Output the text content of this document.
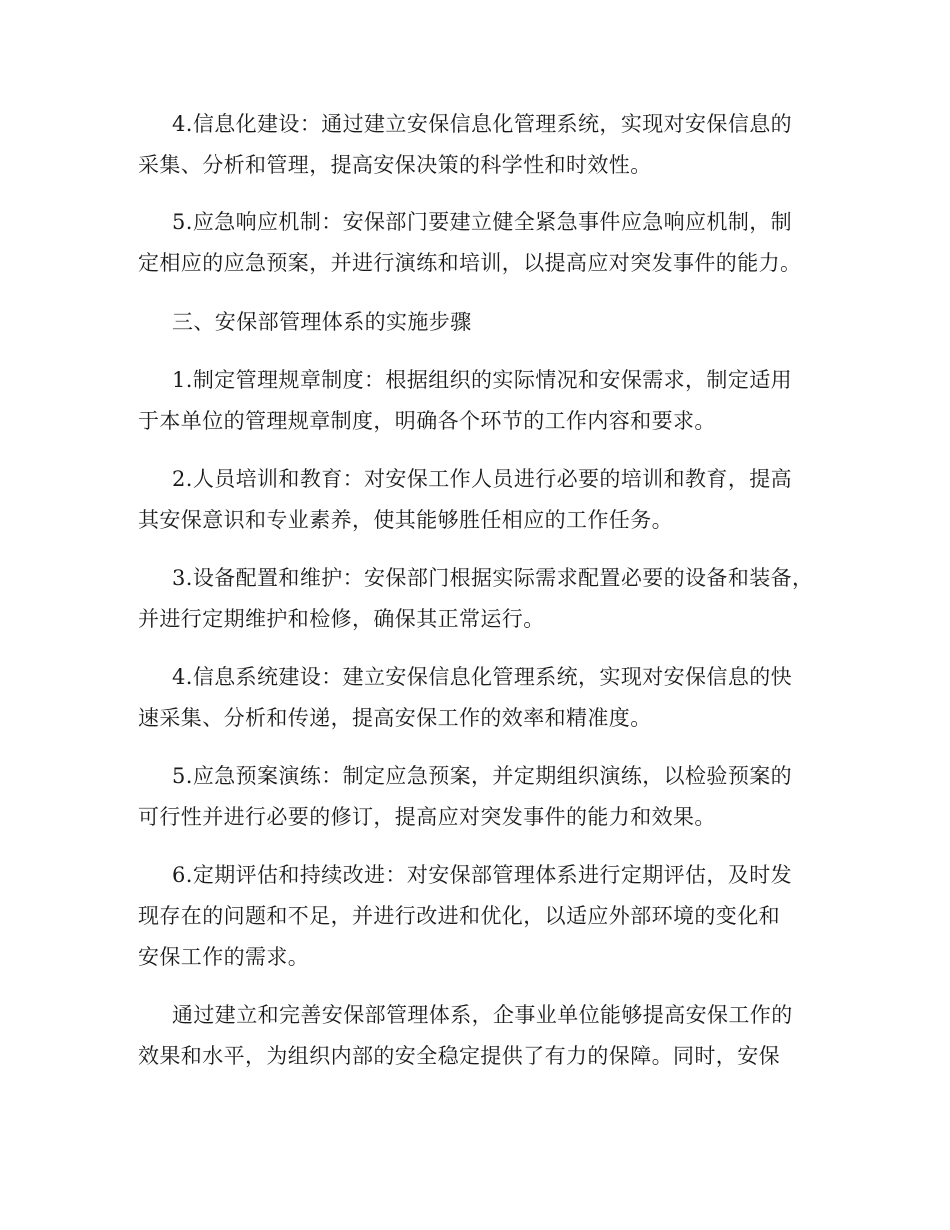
4.信息化建设：通过建立安保信息化管理系统，实现对安保信息的
采集、分析和管理，提高安保决策的科学性和时效性。
5.应急响应机制：安保部门要建立健全紧急事件应急响应机制，制
定相应的应急预案，并进行演练和培训，以提高应对突发事件的能力。
三、安保部管理体系的实施步骤
1.制定管理规章制度：根据组织的实际情况和安保需求，制定适用
于本单位的管理规章制度，明确各个环节的工作内容和要求。
2.人员培训和教育：对安保工作人员进行必要的培训和教育，提高
其安保意识和专业素养，使其能够胜任相应的工作任务。
3.设备配置和维护：安保部门根据实际需求配置必要的设备和装备，
并进行定期维护和检修，确保其正常运行。
4.信息系统建设：建立安保信息化管理系统，实现对安保信息的快
速采集、分析和传递，提高安保工作的效率和精准度。
5.应急预案演练：制定应急预案，并定期组织演练，以检验预案的
可行性并进行必要的修订，提高应对突发事件的能力和效果。
6.定期评估和持续改进：对安保部管理体系进行定期评估，及时发
现存在的问题和不足，并进行改进和优化，以适应外部环境的变化和
安保工作的需求。
通过建立和完善安保部管理体系，企事业单位能够提高安保工作的
效果和水平，为组织内部的安全稳定提供了有力的保障。同时，安保
